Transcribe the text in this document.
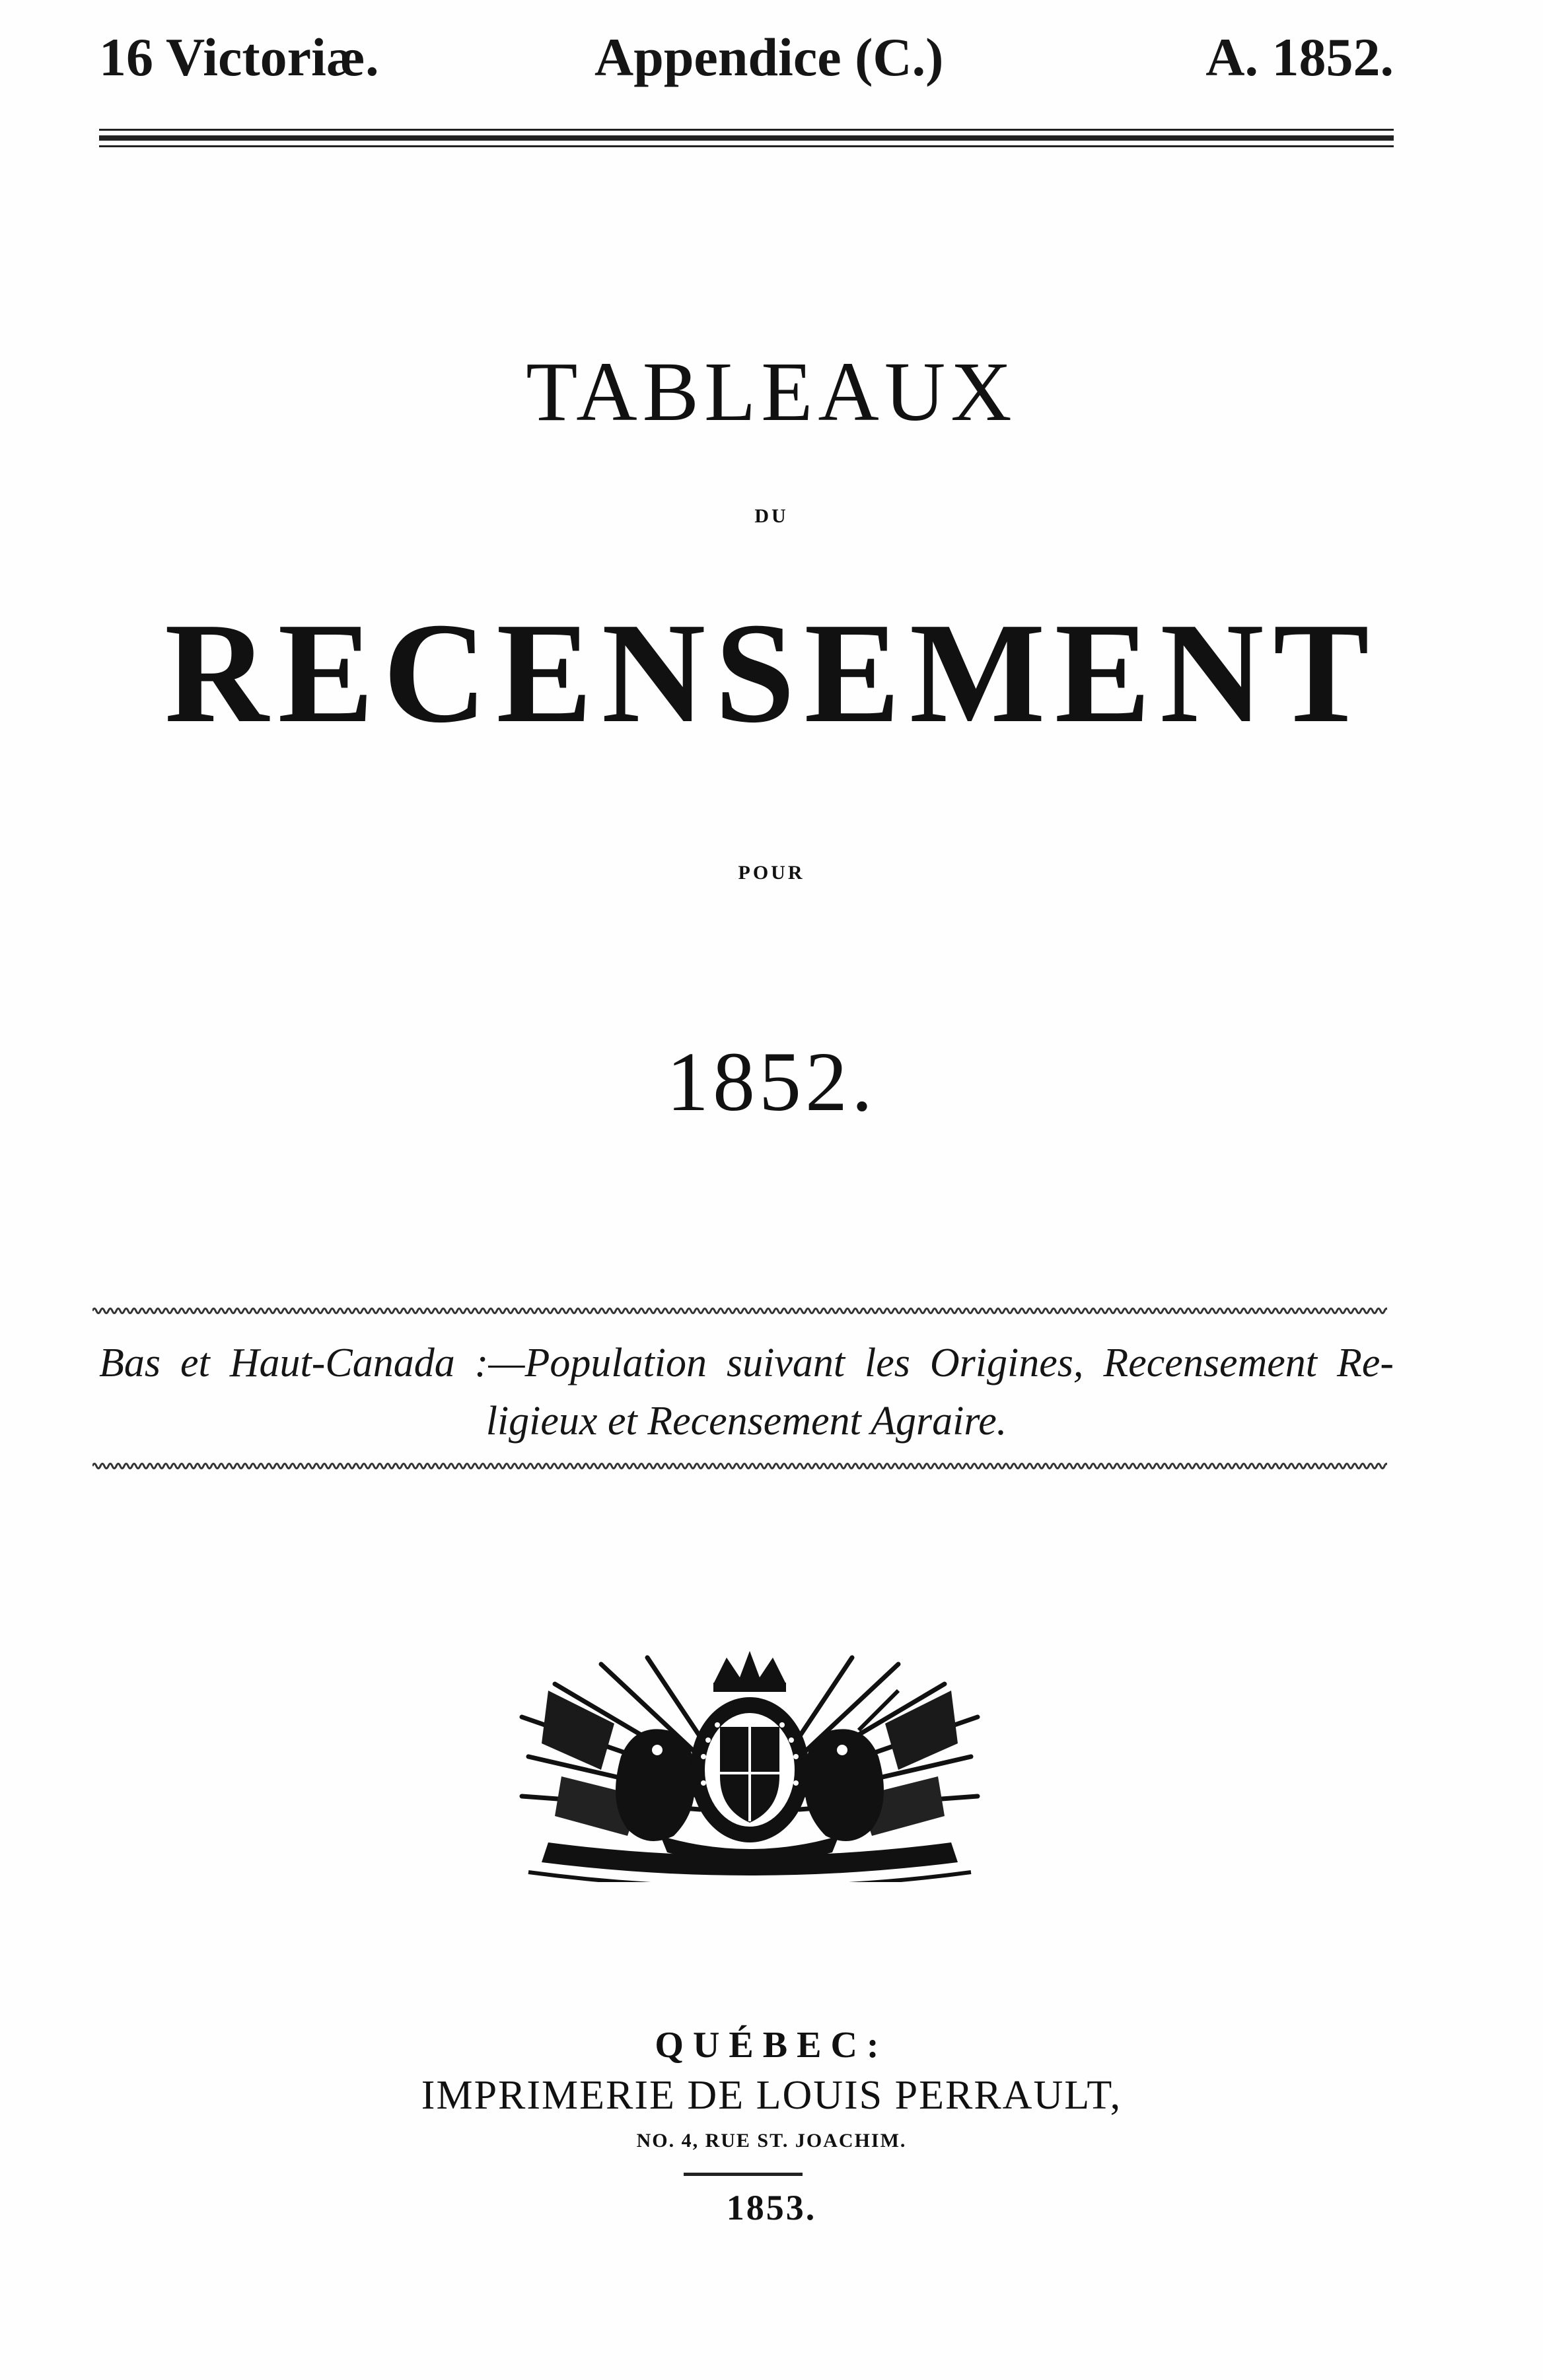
16 Victoriæ.	Appendice (C.)	A. 1852.
TABLEAUX
DU
RECENSEMENT
POUR
1852.
Bas et Haut-Canada :—Population suivant les Origines, Recensement Re-
ligieux et Recensement Agraire.
QUÉBEC:
IMPRIMERIE DE LOUIS PERRAULT,
NO. 4, RUE ST. JOACHIM.
1853.
